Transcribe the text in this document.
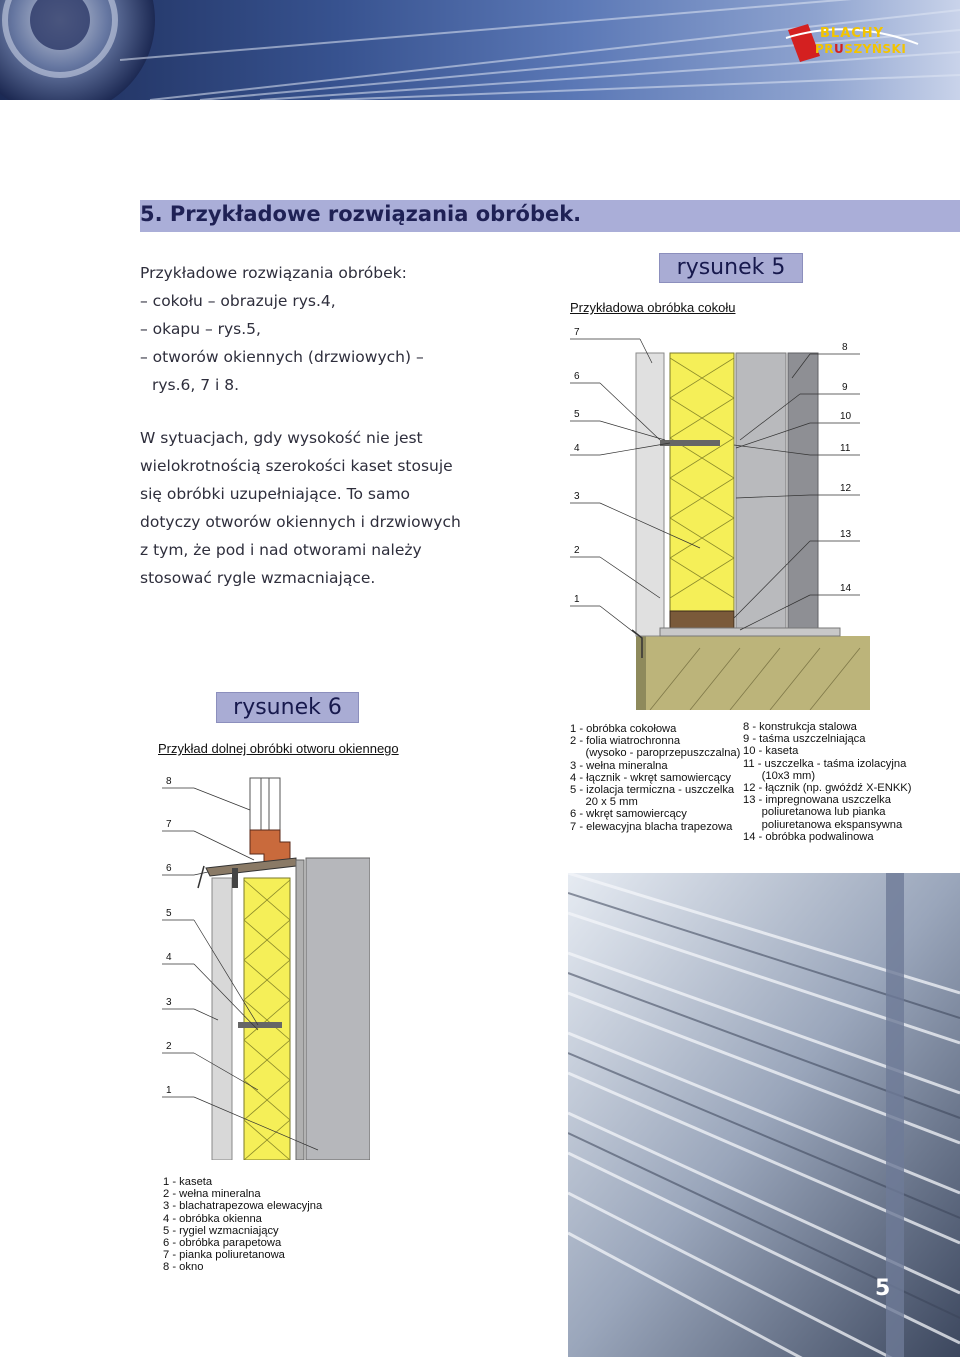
BLACHY
PRUSZYŃSKI
5. Przykładowe rozwiązania obróbek.
Przykładowe rozwiązania obróbek:
– cokołu – obrazuje rys.4,
– okapu – rys.5,
– otworów okiennych (drzwiowych) –
rys.6, 7 i 8.
W sytuacjach, gdy wysokość nie jest
wielokrotnością szerokości kaset stosuje
się obróbki uzupełniające. To samo
dotyczy otworów okiennych i drzwiowych
z tym, że pod i nad otworami należy
stosować rygle wzmacniające.
rysunek 5
Przykładowa obróbka cokołu
7
6
5
4
3
2
1
8
9
10
11
12
13
14
1 - obróbka cokołowa
2 - folia wiatrochronna
(wysoko - paroprzepuszczalna)
3 - wełna mineralna
4 - łącznik - wkręt samowiercący
5 - izolacja termiczna - uszczelka
20 x 5 mm
6 - wkręt samowiercący
7 - elewacyjna blacha trapezowa
8 - konstrukcja stalowa
9 - taśma uszczelniająca
10 - kaseta
11 - uszczelka - taśma izolacyjna
(10x3 mm)
12 - łącznik (np. gwóźdź X-ENKK)
13 - impregnowana uszczelka
poliuretanowa lub pianka
poliuretanowa ekspansywna
14 - obróbka podwalinowa
rysunek 6
Przykład dolnej obróbki otworu okiennego
8
7
6
5
4
3
2
1
1 - kaseta
2 - wełna mineralna
3 - blachatrapezowa elewacyjna
4 - obróbka okienna
5 - rygiel wzmacniający
6 - obróbka parapetowa
7 - pianka poliuretanowa
8 - okno
5
